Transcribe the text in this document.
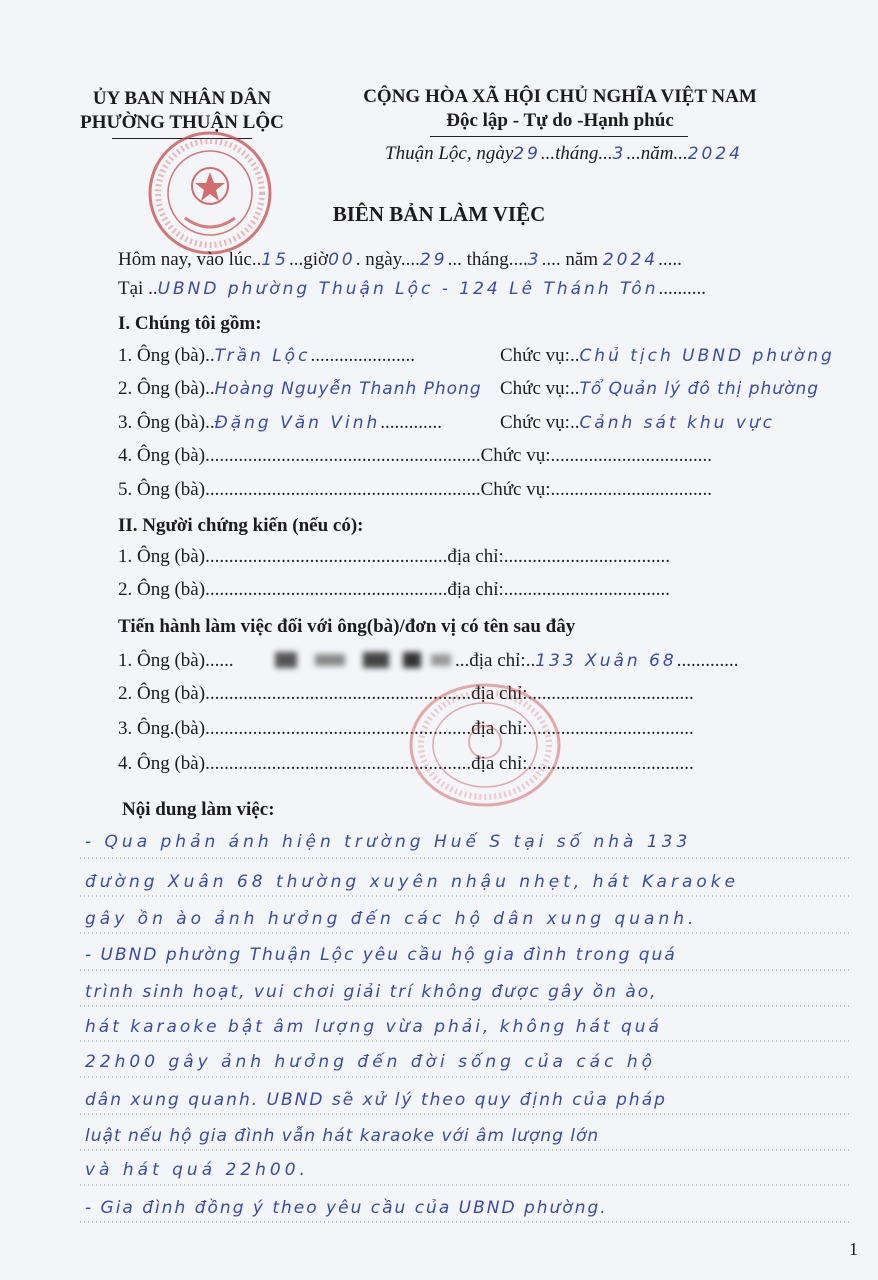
ỦY BAN NHÂN DÂN
PHƯỜNG THUẬN LỘC
CỘNG HÒA XÃ HỘI CHỦ NGHĨA VIỆT NAM
Độc lập - Tự do -Hạnh phúc
Thuận Lộc, ngày29...tháng...3...năm...2024
BIÊN BẢN LÀM VIỆC
Hôm nay, vào lúc..15...giờ00. ngày....29... tháng....3.... năm 2024.....
Tại ..UBND phường Thuận Lộc - 124 Lê Thánh Tôn..........
I. Chúng tôi gồm:
1. Ông (bà)..Trần Lộc......................	Chức vụ:..Chủ tịch UBND phường
2. Ông (bà)..Hoàng Nguyễn Thanh Phong Chức vụ:..Tổ Quản lý đô thị phường
3. Ông (bà)..Đặng Văn Vinh.............	Chức vụ:..Cảnh sát khu vực
4. Ông (bà)..........................................................Chức vụ:..................................
5. Ông (bà)..........................................................Chức vụ:..................................
II. Người chứng kiến (nếu có):
1. Ông (bà)...................................................địa chỉ:...................................
2. Ông (bà)...................................................địa chỉ:...................................
Tiến hành làm việc đối với ông(bà)/đơn vị có tên sau đây
1. Ông (bà)......	...địa chỉ:..133 Xuân 68.............
2. Ông (bà)........................................................địa chỉ:...................................
3. Ông.(bà)........................................................địa chỉ:...................................
4. Ông (bà)........................................................địa chỉ:...................................
Nội dung làm việc:
- Qua phản ánh hiện trường Huế S tại số nhà 133
đường Xuân 68 thường xuyên nhậu nhẹt, hát Karaoke
gây ồn ào ảnh hưởng đến các hộ dân xung quanh.
- UBND phường Thuận Lộc yêu cầu hộ gia đình trong quá
trình sinh hoạt, vui chơi giải trí không được gây ồn ào,
hát karaoke bật âm lượng vừa phải, không hát quá
22h00 gây ảnh hưởng đến đời sống của các hộ
dân xung quanh. UBND sẽ xử lý theo quy định của pháp
luật nếu hộ gia đình vẫn hát karaoke với âm lượng lớn
và hát quá 22h00.
- Gia đình đồng ý theo yêu cầu của UBND phường.
1
